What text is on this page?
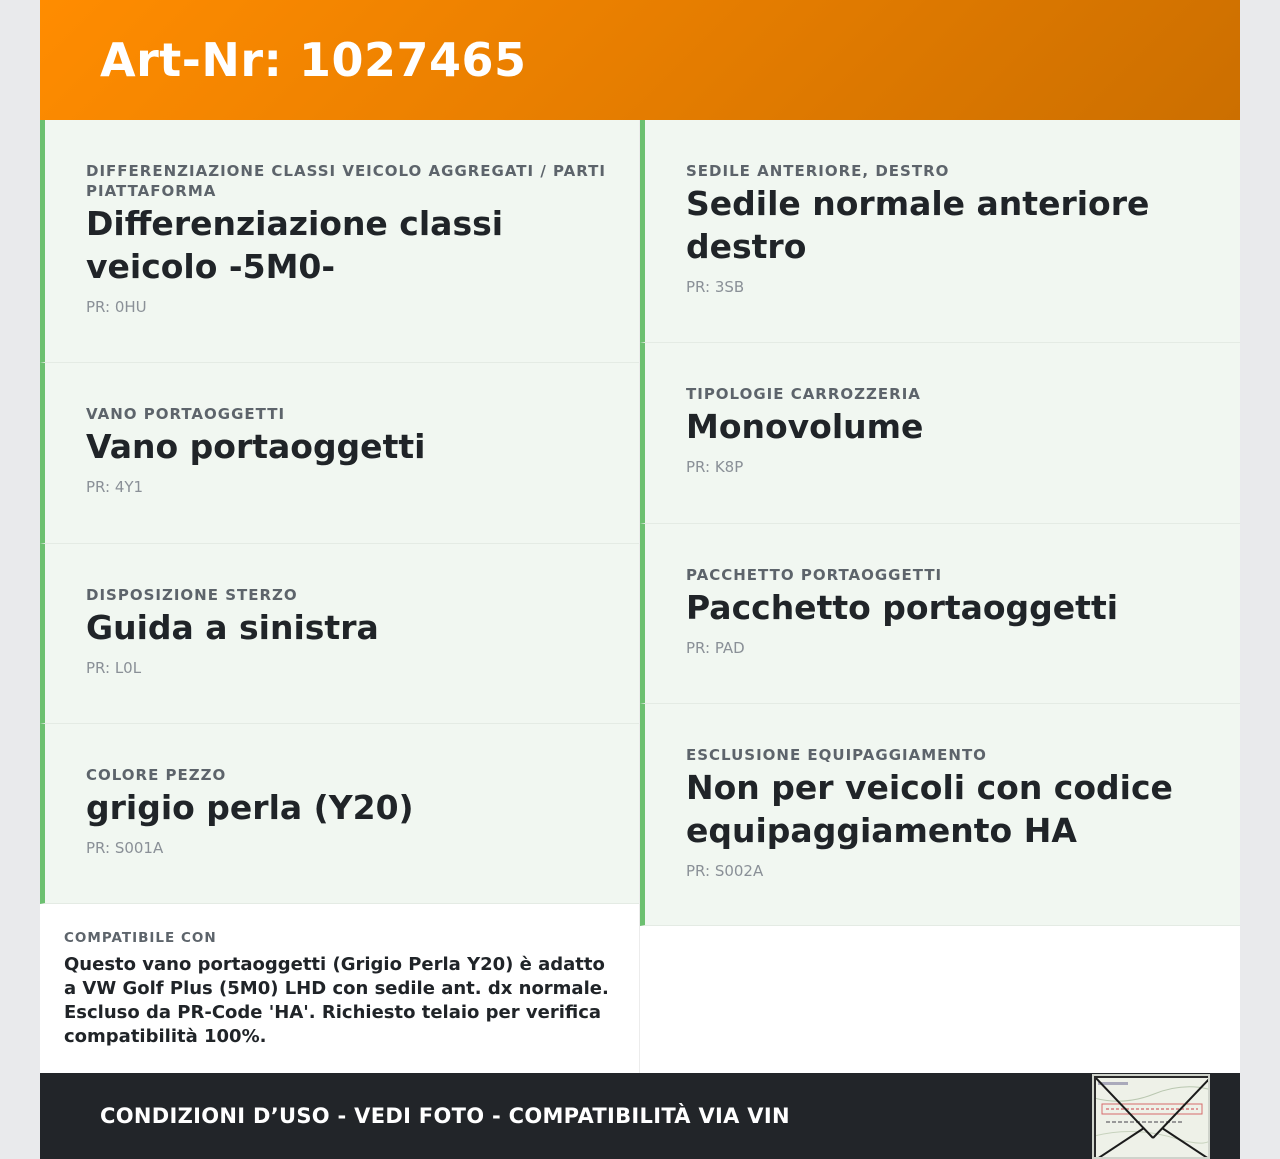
Art-Nr: 1027465
DIFFERENZIAZIONE CLASSI VEICOLO AGGREGATI / PARTI PIATTAFORMA
Differenziazione classi veicolo -5M0-
PR: 0HU
VANO PORTAOGGETTI
Vano portaoggetti
PR: 4Y1
DISPOSIZIONE STERZO
Guida a sinistra
PR: L0L
COLORE PEZZO
grigio perla (Y20)
PR: S001A
COMPATIBILE CON
Questo vano portaoggetti (Grigio Perla Y20) è adatto a VW Golf Plus (5M0) LHD con sedile ant. dx normale. Escluso da PR-Code 'HA'. Richiesto telaio per verifica compatibilità 100%.
SEDILE ANTERIORE, DESTRO
Sedile normale anteriore destro
PR: 3SB
TIPOLOGIE CARROZZERIA
Monovolume
PR: K8P
PACCHETTO PORTAOGGETTI
Pacchetto portaoggetti
PR: PAD
ESCLUSIONE EQUIPAGGIAMENTO
Non per veicoli con codice equipaggiamento HA
PR: S002A
CONDIZIONI D’USO - VEDI FOTO - COMPATIBILITÀ VIA VIN
